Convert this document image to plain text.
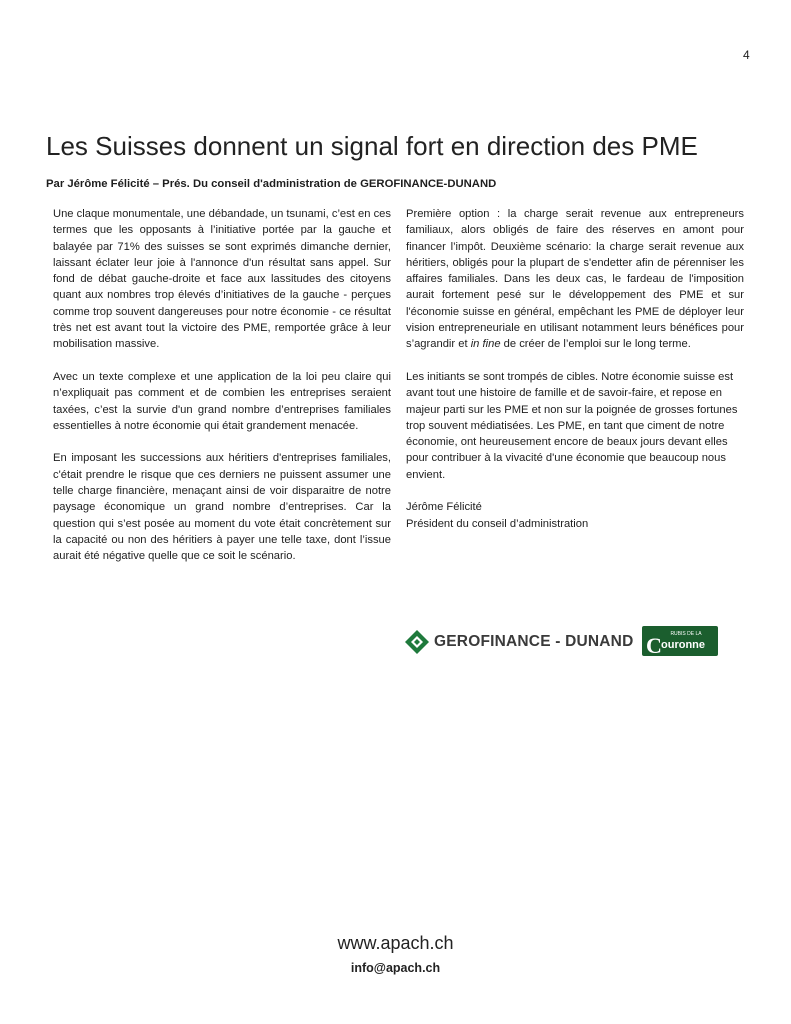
4
Les Suisses donnent un signal fort en direction des PME

Par Jérôme Félicité – Prés. Du conseil d'administration de GEROFINANCE-DUNAND

Une claque monumentale, une débandade, un tsunami, c’est en ces termes que les opposants à l’initiative portée par la gauche et balayée par 71% des suisses se sont exprimés dimanche dernier, laissant éclater leur joie à l'annonce d'un résultat sans appel. Sur fond de débat gauche-droite et face aux lassitudes des citoyens quant aux nombres trop élevés d’initiatives de la gauche - perçues comme trop souvent dangereuses pour notre économie - ce résultat très net est avant tout la victoire des PME, remportée grâce à leur mobilisation massive.

Avec un texte complexe et une application de la loi peu claire qui n’expliquait pas comment et de combien les entreprises seraient taxées, c’est la survie d'un grand nombre d’entreprises familiales essentielles à notre économie qui était grandement menacée.

En imposant les successions aux héritiers d'entreprises familiales, c'était prendre le risque que ces derniers ne puissent assumer une telle charge financière, menaçant ainsi de voir disparaitre de notre paysage économique un grand nombre d’entreprises. Car la question qui s’est posée au moment du vote était concrètement sur la capacité ou non des héritiers à payer une telle taxe, dont l’issue aurait été négative quelle que ce soit le scénario.

Première option : la charge serait revenue aux entrepreneurs familiaux, alors obligés de faire des réserves en amont pour financer l’impôt. Deuxième scénario: la charge serait revenue aux héritiers, obligés pour la plupart de s'endetter afin de pérenniser les affaires familiales. Dans les deux cas, le fardeau de l'imposition aurait fortement pesé sur le développement des PME et sur l'économie suisse en général, empêchant les PME de déployer leur vision entrepreneuriale en utilisant notamment leurs bénéfices pour s’agrandir et in fine de créer de l’emploi sur le long terme.

Les initiants se sont trompés de cibles. Notre économie suisse est avant tout une histoire de famille et de savoir-faire, et repose en majeur parti sur les PME et non sur la poignée de grosses fortunes trop souvent médiatisées. Les PME, en tant que ciment de notre économie, ont heureusement encore de beaux jours devant elles pour contribuer à la vivacité d'une économie que beaucoup nous envient.

Jérôme Félicité

Président du conseil d’administration

GEROFINANCE - DUNAND	RUBIS DE LA
C ouronne
www.apach.ch
info@apach.ch
